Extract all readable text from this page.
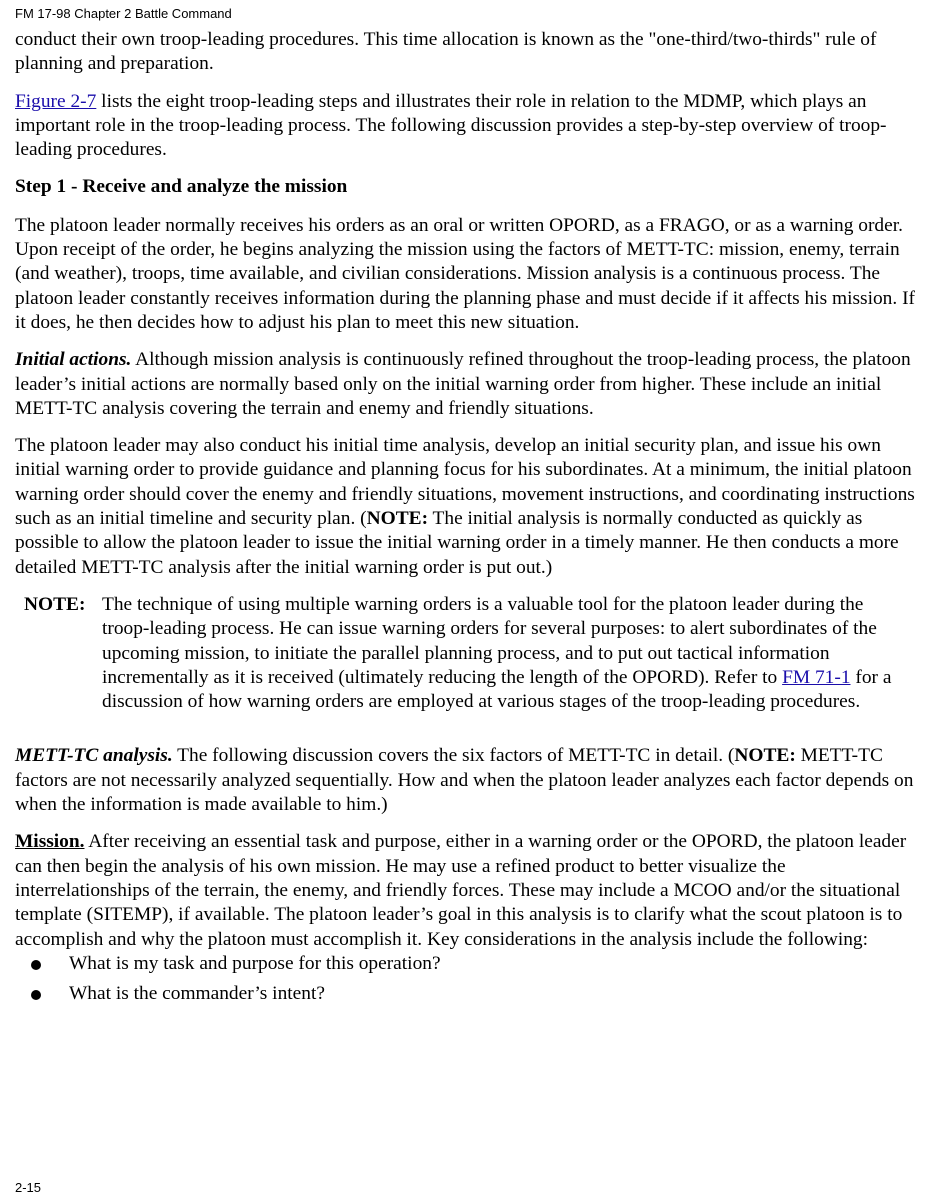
FM 17-98 Chapter 2 Battle Command

conduct their own troop-leading procedures. This time allocation is known as the "one-third/two-thirds" rule of planning and preparation.

Figure 2-7 lists the eight troop-leading steps and illustrates their role in relation to the MDMP, which plays an important role in the troop-leading process. The following discussion provides a step-by-step overview of troop-leading procedures.

Step 1 - Receive and analyze the mission

The platoon leader normally receives his orders as an oral or written OPORD, as a FRAGO, or as a warning order. Upon receipt of the order, he begins analyzing the mission using the factors of METT-TC: mission, enemy, terrain (and weather), troops, time available, and civilian considerations. Mission analysis is a continuous process. The platoon leader constantly receives information during the planning phase and must decide if it affects his mission. If it does, he then decides how to adjust his plan to meet this new situation.

Initial actions. Although mission analysis is continuously refined throughout the troop-leading process, the platoon leader’s initial actions are normally based only on the initial warning order from higher. These include an initial METT-TC analysis covering the terrain and enemy and friendly situations.

The platoon leader may also conduct his initial time analysis, develop an initial security plan, and issue his own initial warning order to provide guidance and planning focus for his subordinates. At a minimum, the initial platoon warning order should cover the enemy and friendly situations, movement instructions, and coordinating instructions such as an initial timeline and security plan. (NOTE: The initial analysis is normally conducted as quickly as possible to allow the platoon leader to issue the initial warning order in a timely manner. He then conducts a more detailed METT-TC analysis after the initial warning order is put out.)

NOTE: The technique of using multiple warning orders is a valuable tool for the platoon leader during the troop-leading process. He can issue warning orders for several purposes: to alert subordinates of the upcoming mission, to initiate the parallel planning process, and to put out tactical information incrementally as it is received (ultimately reducing the length of the OPORD). Refer to FM 71-1 for a discussion of how warning orders are employed at various stages of the troop-leading procedures.

METT-TC analysis. The following discussion covers the six factors of METT-TC in detail. (NOTE: METT-TC factors are not necessarily analyzed sequentially. How and when the platoon leader analyzes each factor depends on when the information is made available to him.)

Mission. After receiving an essential task and purpose, either in a warning order or the OPORD, the platoon leader can then begin the analysis of his own mission. He may use a refined product to better visualize the interrelationships of the terrain, the enemy, and friendly forces. These may include a MCOO and/or the situational template (SITEMP), if available. The platoon leader’s goal in this analysis is to clarify what the scout platoon is to accomplish and why the platoon must accomplish it. Key considerations in the analysis include the following:

What is my task and purpose for this operation?
What is the commander’s intent?
2-15
